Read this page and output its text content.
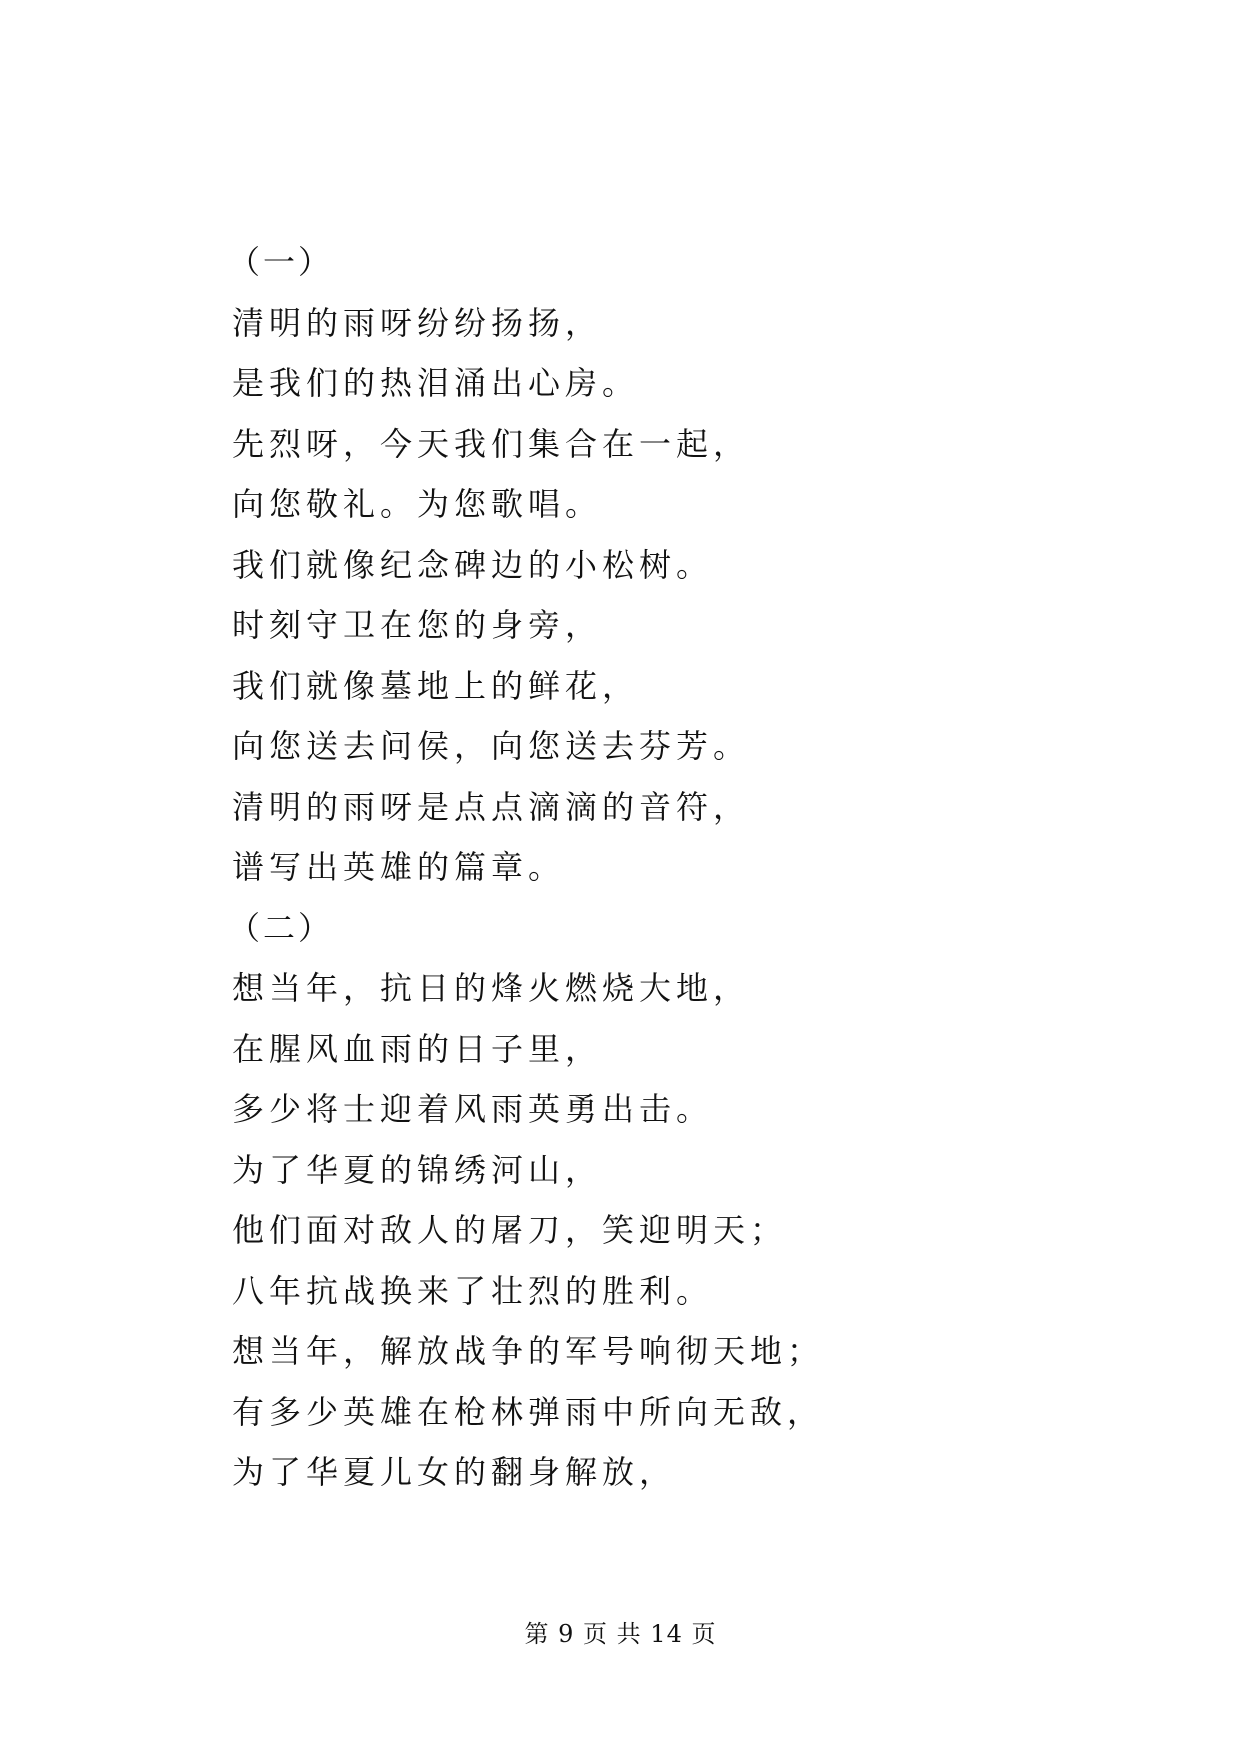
（一）
清明的雨呀纷纷扬扬，
是我们的热泪涌出心房。
先烈呀，今天我们集合在一起，
向您敬礼。为您歌唱。
我们就像纪念碑边的小松树。
时刻守卫在您的身旁，
我们就像墓地上的鲜花，
向您送去问侯，向您送去芬芳。
清明的雨呀是点点滴滴的音符，
谱写出英雄的篇章。
（二）
想当年，抗日的烽火燃烧大地，
在腥风血雨的日子里，
多少将士迎着风雨英勇出击。
为了华夏的锦绣河山，
他们面对敌人的屠刀，笑迎明天；
八年抗战换来了壮烈的胜利。
想当年，解放战争的军号响彻天地；
有多少英雄在枪林弹雨中所向无敌，
为了华夏儿女的翻身解放，
第 9 页 共 14 页
